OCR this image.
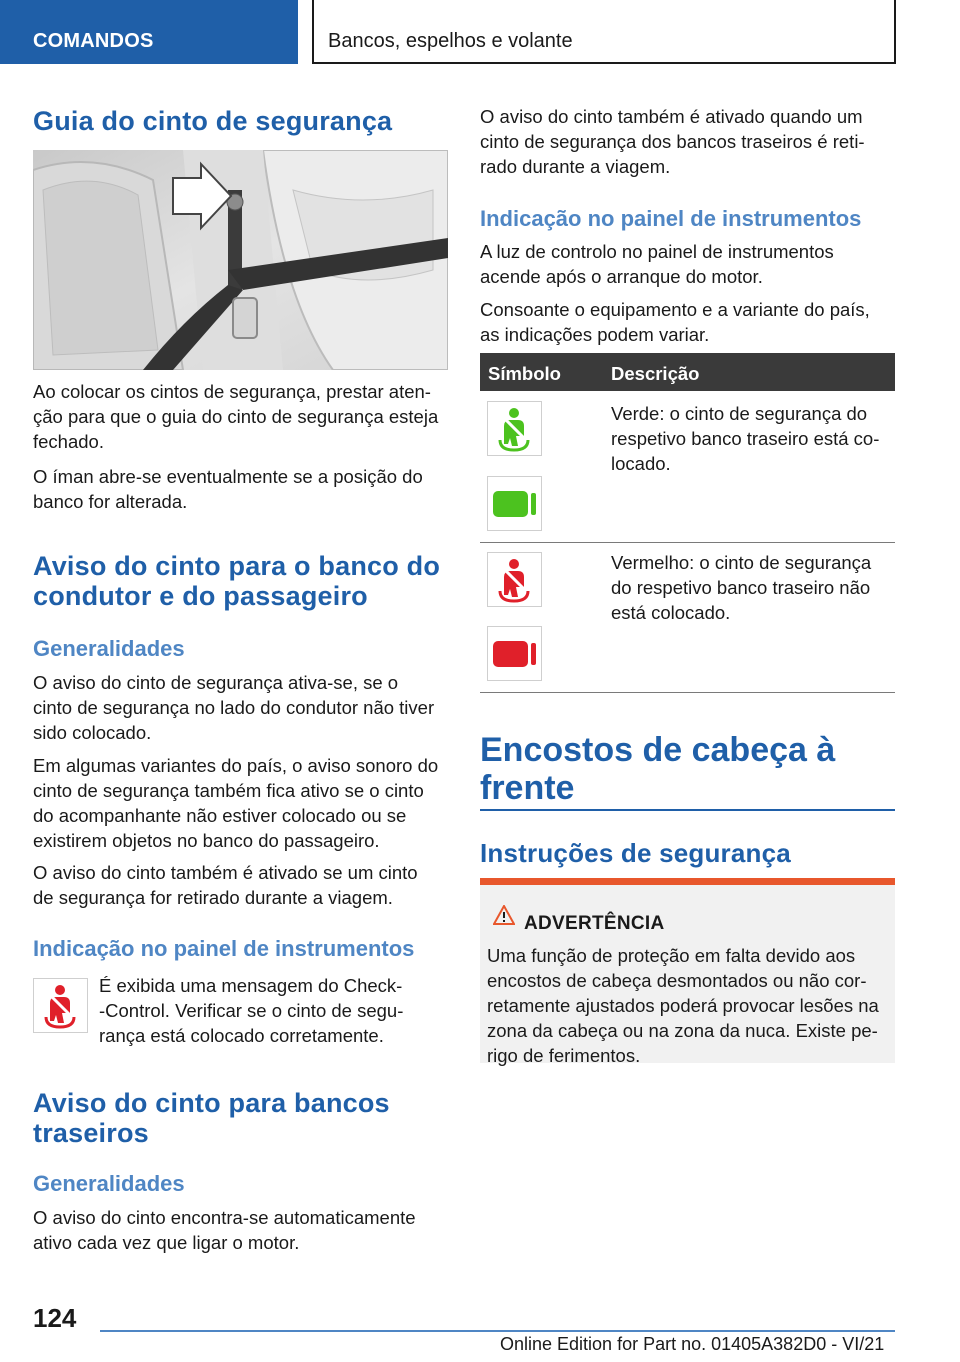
COMANDOS	Bancos, espelhos e volante
Guia do cinto de segurança
Ao colocar os cintos de segurança, prestar aten-
ção para que o guia do cinto de segurança esteja
fechado.
O íman abre-se eventualmente se a posição do
banco for alterada.
Aviso do cinto para o banco do
condutor e do passageiro
Generalidades
O aviso do cinto de segurança ativa-se, se o
cinto de segurança no lado do condutor não tiver
sido colocado.
Em algumas variantes do país, o aviso sonoro do
cinto de segurança também fica ativo se o cinto
do acompanhante não estiver colocado ou se
existirem objetos no banco do passageiro.
O aviso do cinto também é ativado se um cinto
de segurança for retirado durante a viagem.
Indicação no painel de instrumentos
É exibida uma mensagem do Check-
-Control. Verificar se o cinto de segu-
rança está colocado corretamente.
Aviso do cinto para bancos
traseiros
Generalidades
O aviso do cinto encontra-se automaticamente
ativo cada vez que ligar o motor.
O aviso do cinto também é ativado quando um
cinto de segurança dos bancos traseiros é reti-
rado durante a viagem.
Indicação no painel de instrumentos
A luz de controlo no painel de instrumentos
acende após o arranque do motor.
Consoante o equipamento e a variante do país,
as indicações podem variar.
Símbolo	Descrição
Verde: o cinto de segurança do
respetivo banco traseiro está co-
locado.
Vermelho: o cinto de segurança
do respetivo banco traseiro não
está colocado.
Encostos de cabeça à
frente
Instruções de segurança
ADVERTÊNCIA
Uma função de proteção em falta devido aos
encostos de cabeça desmontados ou não cor-
retamente ajustados poderá provocar lesões na
zona da cabeça ou na zona da nuca. Existe pe-
rigo de ferimentos.
124
Online Edition for Part no. 01405A382D0 - VI/21
